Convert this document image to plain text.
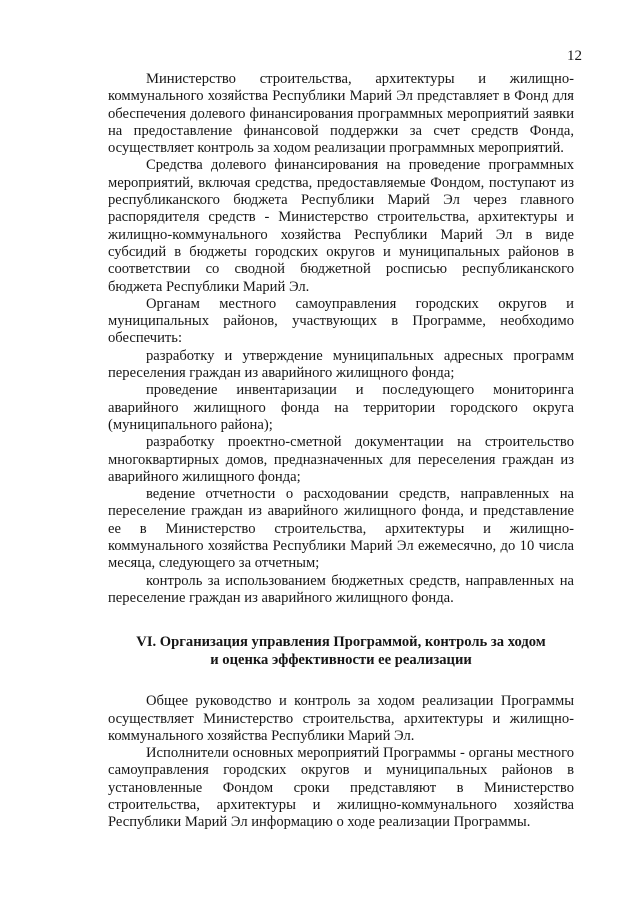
12

Министерство строительства, архитектуры и жилищно-коммунального хозяйства Республики Марий Эл представляет в Фонд для обеспечения долевого финансирования программных мероприятий заявки на предоставление финансовой поддержки за счет средств Фонда, осуществляет контроль за ходом реализации программных мероприятий.

Средства долевого финансирования на проведение программных мероприятий, включая средства, предоставляемые Фондом, поступают из республиканского бюджета Республики Марий Эл через главного распорядителя средств - Министерство строительства, архитектуры и жилищно-коммунального хозяйства Республики Марий Эл в виде субсидий в бюджеты городских округов и муниципальных районов в соответствии со сводной бюджетной росписью республиканского бюджета Республики Марий Эл.

Органам местного самоуправления городских округов и муниципальных районов, участвующих в Программе, необходимо обеспечить:

разработку и утверждение муниципальных адресных программ переселения граждан из аварийного жилищного фонда;

проведение инвентаризации и последующего мониторинга аварийного жилищного фонда на территории городского округа (муниципального района);

разработку проектно-сметной документации на строительство многоквартирных домов, предназначенных для переселения граждан из аварийного жилищного фонда;

ведение отчетности о расходовании средств, направленных на переселение граждан из аварийного жилищного фонда, и представление ее в Министерство строительства, архитектуры и жилищно-коммунального хозяйства Республики Марий Эл ежемесячно, до 10 числа месяца, следующего за отчетным;

контроль за использованием бюджетных средств, направленных на переселение граждан из аварийного жилищного фонда.

VI. Организация управления Программой, контроль за ходом
и оценка эффективности ее реализации

Общее руководство и контроль за ходом реализации Программы осуществляет Министерство строительства, архитектуры и жилищно-коммунального хозяйства Республики Марий Эл.

Исполнители основных мероприятий Программы - органы местного самоуправления городских округов и муниципальных районов в установленные Фондом сроки представляют в Министерство строительства, архитектуры и жилищно-коммунального хозяйства Республики Марий Эл информацию о ходе реализации Программы.
